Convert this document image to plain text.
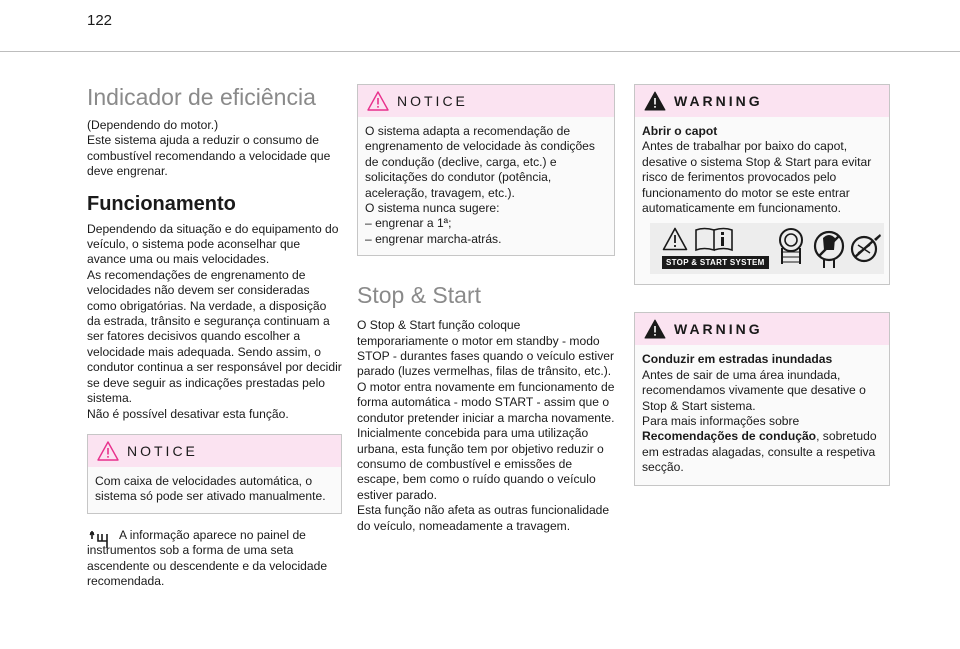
122
Indicador de eficiência

(Dependendo do motor.)
Este sistema ajuda a reduzir o consumo de combustível recomendando a velocidade que deve engrenar.

Funcionamento

Dependendo da situação e do equipamento do veículo, o sistema pode aconselhar que avance uma ou mais velocidades.
As recomendações de engrenamento de velocidades não devem ser consideradas como obrigatórias. Na verdade, a disposição da estrada, trânsito e segurança continuam a ser fatores decisivos quando escolher a velocidade mais adequada. Sendo assim, o condutor continua a ser responsável por decidir se deve seguir as indicações prestadas pelo sistema.
Não é possível desativar esta função.

NOTICE

Com caixa de velocidades automática, o sistema só pode ser ativado manualmente.

A informação aparece no painel de instrumentos sob a forma de uma seta ascendente ou descendente e da velocidade recomendada.

NOTICE

O sistema adapta a recomendação de engrenamento de velocidade às condições de condução (declive, carga, etc.) e solicitações do condutor (potência, aceleração, travagem, etc.).

O sistema nunca sugere:

– engrenar a 1ª;
– engrenar marcha-atrás.
Stop & Start

O Stop & Start função coloque temporariamente o motor em standby - modo STOP - durantes fases quando o veículo estiver parado (luzes vermelhas, filas de trânsito, etc.). O motor entra novamente em funcionamento de forma automática - modo START - assim que o condutor pretender iniciar a marcha novamente.
Inicialmente concebida para uma utilização urbana, esta função tem por objetivo reduzir o consumo de combustível e emissões de escape, bem como o ruído quando o veículo estiver parado.
Esta função não afeta as outras funcionalidade do veículo, nomeadamente a travagem.

WARNING

Abrir o capot

Antes de trabalhar por baixo do capot, desative o sistema Stop & Start para evitar risco de ferimentos provocados pelo funcionamento do motor se este entrar automaticamente em funcionamento.

STOP & START SYSTEM
WARNING

Conduzir em estradas inundadas

Antes de sair de uma área inundada, recomendamos vivamente que desative o Stop & Start sistema.

Para mais informações sobre Recomendações de condução, sobretudo em estradas alagadas, consulte a respetiva secção.
